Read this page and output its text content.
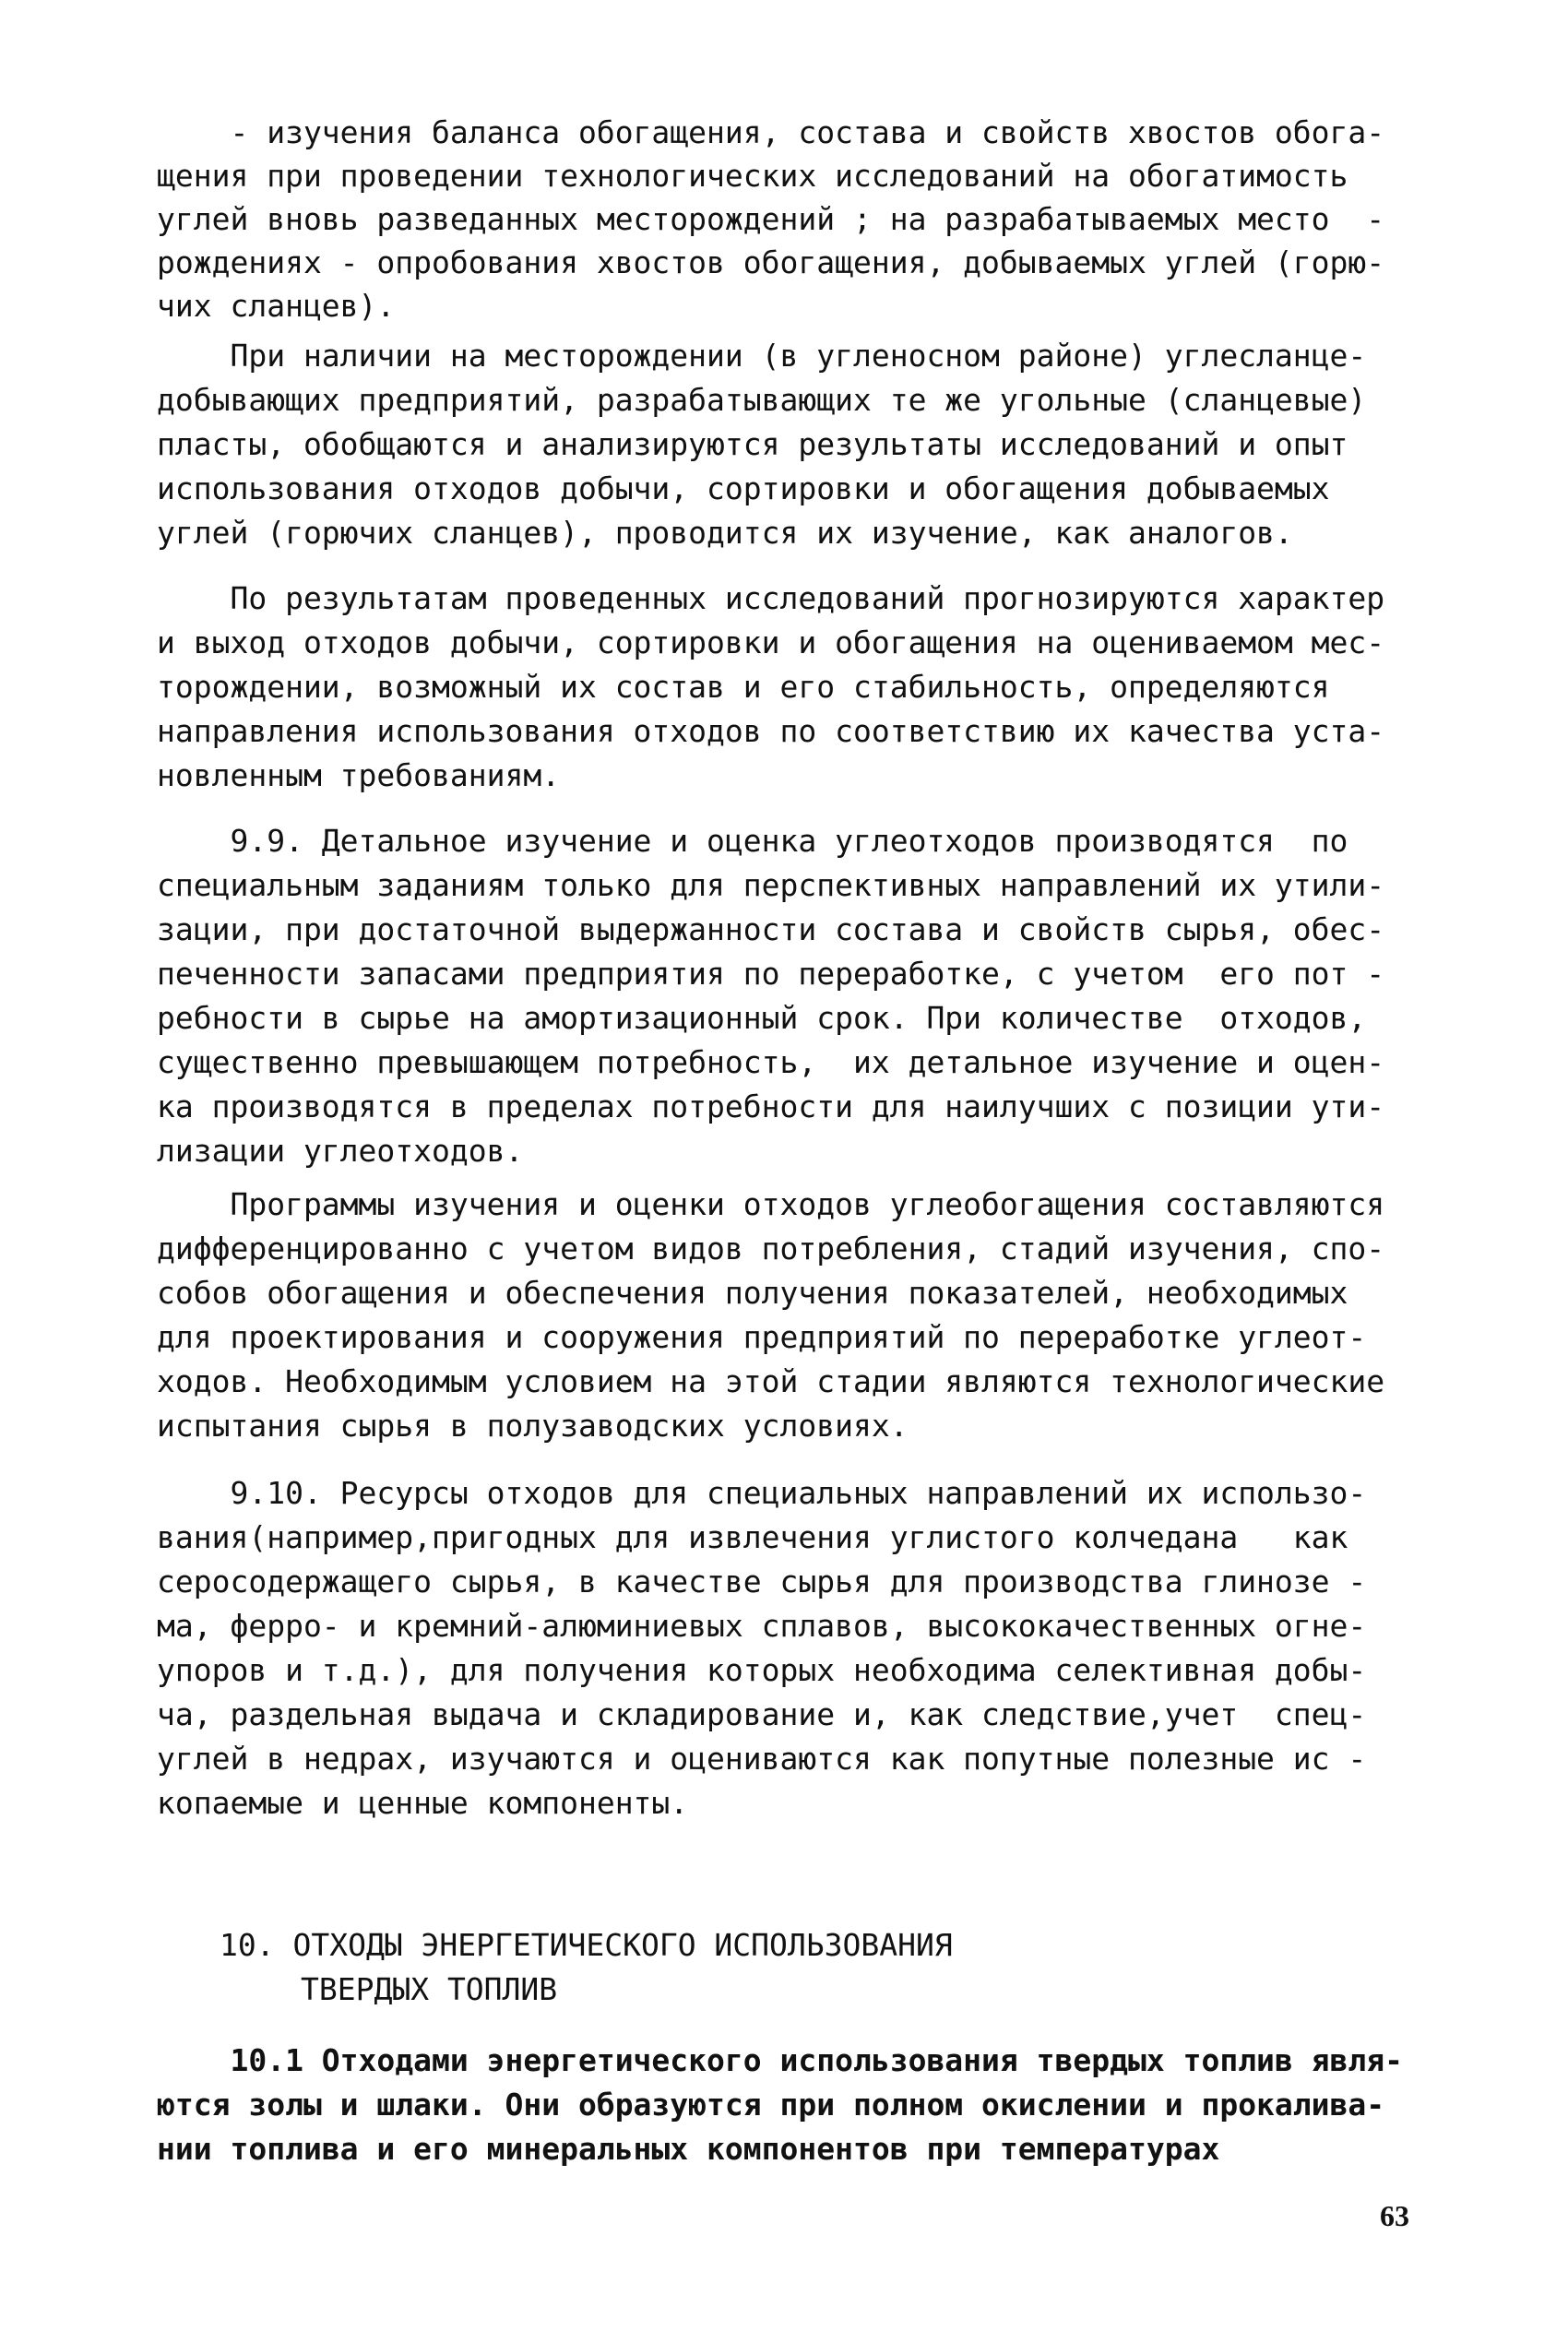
- изучения баланса обогащения, состава и свойств хвостов обога-
щения при проведении технологических исследований на обогатимость
углей вновь разведанных месторождений ; на разрабатываемых место  -
рождениях - опробования хвостов обогащения, добываемых углей (горю-
чих сланцев).
При наличии на месторождении (в угленосном районе) углесланце-
добывающих предприятий, разрабатывающих те же угольные (сланцевые)
пласты, обобщаются и анализируются результаты исследований и опыт
использования отходов добычи, сортировки и обогащения добываемых
углей (горючих сланцев), проводится их изучение, как аналогов.
По результатам проведенных исследований прогнозируются характер
и выход отходов добычи, сортировки и обогащения на оцениваемом мес-
торождении, возможный их состав и его стабильность, определяются
направления использования отходов по соответствию их качества уста-
новленным требованиям.
9.9. Детальное изучение и оценка углеотходов производятся  по
специальным заданиям только для перспективных направлений их утили-
зации, при достаточной выдержанности состава и свойств сырья, обес-
печенности запасами предприятия по переработке, с учетом  его пот -
ребности в сырье на амортизационный срок. При количестве  отходов,
существенно превышающем потребность,  их детальное изучение и оцен-
ка производятся в пределах потребности для наилучших с позиции ути-
лизации углеотходов.
Программы изучения и оценки отходов углеобогащения составляются
дифференцированно с учетом видов потребления, стадий изучения, спо-
собов обогащения и обеспечения получения показателей, необходимых
для проектирования и сооружения предприятий по переработке углеот-
ходов. Необходимым условием на этой стадии являются технологические
испытания сырья в полузаводских условиях.
9.10. Ресурсы отходов для специальных направлений их использо-
вания(например,пригодных для извлечения углистого колчедана   как
серосодержащего сырья, в качестве сырья для производства глинозе -
ма, ферро- и кремний-алюминиевых сплавов, высококачественных огне-
упоров и т.д.), для получения которых необходима селективная добы-
ча, раздельная выдача и складирование и, как следствие,учет  спец-
углей в недрах, изучаются и оцениваются как попутные полезные ис -
копаемые и ценные компоненты.
10. ОТХОДЫ ЭНЕРГЕТИЧЕСКОГО ИСПОЛЬЗОВАНИЯ
ТВЕРДЫХ ТОПЛИВ
10.1 Отходами энергетического использования твердых топлив явля-
ются золы и шлаки. Они образуются при полном окислении и прокалива-
нии топлива и его минеральных компонентов при температурах
63
